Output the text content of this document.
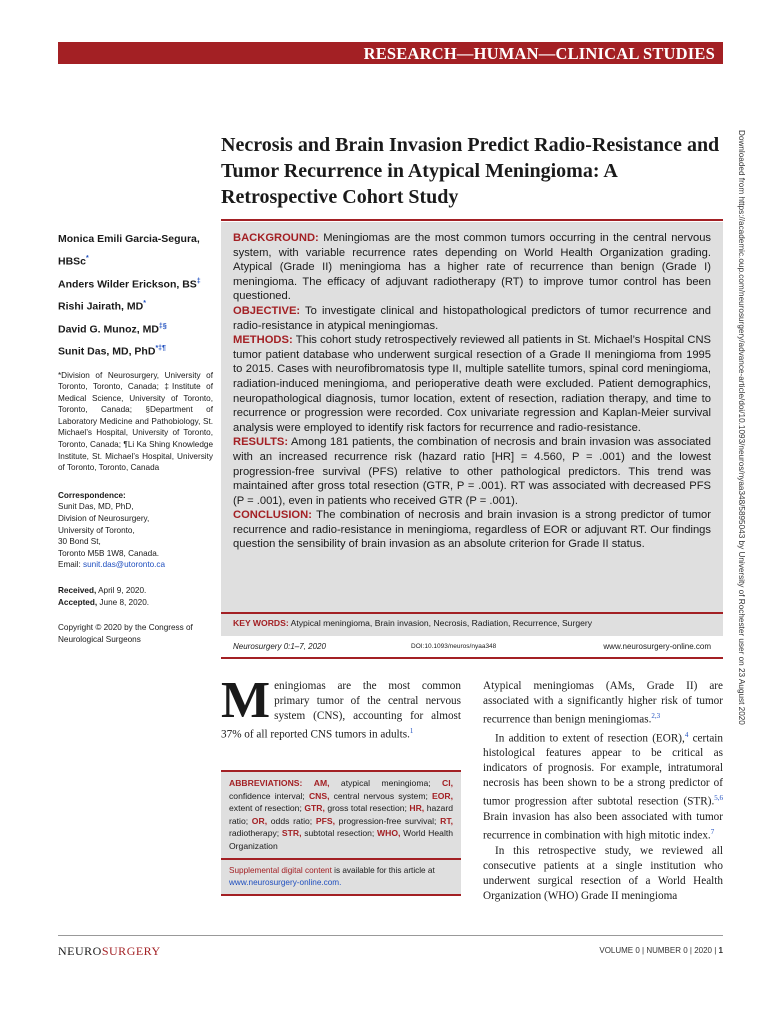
RESEARCH—HUMAN—CLINICAL STUDIES
Necrosis and Brain Invasion Predict Radio-Resistance and Tumor Recurrence in Atypical Meningioma: A Retrospective Cohort Study
Monica Emili Garcia-Segura, HBSc*
Anders Wilder Erickson, BS‡
Rishi Jairath, MD*
David G. Munoz, MD‡§
Sunit Das, MD, PhD*‡¶

*Division of Neurosurgery, University of Toronto, Toronto, Canada; ‡Institute of Medical Science, University of Toronto, Toronto, Canada; §Department of Laboratory Medicine and Pathobiology, St. Michael’s Hospital, University of Toronto, Toronto, Canada; ¶Li Ka Shing Knowledge Institute, St. Michael’s Hospital, University of Toronto, Toronto, Canada

Correspondence:
Sunit Das, MD, PhD,
Division of Neurosurgery,
University of Toronto,
30 Bond St,
Toronto M5B 1W8, Canada.
Email: sunit.das@utoronto.ca
Received, April 9, 2020.
Accepted, June 8, 2020.

Copyright © 2020 by the Congress of Neurological Surgeons

BACKGROUND: Meningiomas are the most common tumors occurring in the central nervous system, with variable recurrence rates depending on World Health Organization grading. Atypical (Grade II) meningioma has a higher rate of recurrence than benign (Grade I) meningioma. The efficacy of adjuvant radiotherapy (RT) to improve tumor control has been questioned.

OBJECTIVE: To investigate clinical and histopathological predictors of tumor recurrence and radio-resistance in atypical meningiomas.

METHODS: This cohort study retrospectively reviewed all patients in St. Michael’s Hospital CNS tumor patient database who underwent surgical resection of a Grade II meningioma from 1995 to 2015. Cases with neurofibromatosis type II, multiple satellite tumors, spinal cord meningioma, radiation-induced meningioma, and perioperative death were excluded. Patient demographics, neuropathological diagnosis, tumor location, extent of resection, radiation therapy, and time to recurrence or progression were recorded. Cox univariate regression and Kaplan-Meier survival analysis were employed to identify risk factors for recurrence and radio-resistance.

RESULTS: Among 181 patients, the combination of necrosis and brain invasion was associated with an increased recurrence risk (hazard ratio [HR] = 4.560, P = .001) and the lowest progression-free survival (PFS) relative to other pathological predictors. This trend was maintained after gross total resection (GTR, P = .001). RT was associated with decreased PFS (P = .001), even in patients who received GTR (P = .001).

CONCLUSION: The combination of necrosis and brain invasion is a strong predictor of tumor recurrence and radio-resistance in meningioma, regardless of EOR or adjuvant RT. Our findings question the sensibility of brain invasion as an absolute criterion for Grade II status.

KEY WORDS: Atypical meningioma, Brain invasion, Necrosis, Radiation, Recurrence, Surgery
Neurosurgery 0:1–7, 2020	DOI:10.1093/neuros/nyaa348	www.neurosurgery-online.com

Meningiomas are the most common primary tumor of the central nervous system (CNS), accounting for almost 37% of all reported CNS tumors in adults.$^1$

ABBREVIATIONS: AM, atypical meningioma; CI, confidence interval; CNS, central nervous system; EOR, extent of resection; GTR, gross total resection; HR, hazard ratio; OR, odds ratio; PFS, progression-free survival; RT, radiotherapy; STR, subtotal resection; WHO, World Health Organization

Supplemental digital content is available for this article at www.neurosurgery-online.com.

Atypical meningiomas (AMs, Grade II) are associated with a significantly higher risk of tumor recurrence than benign meningiomas.$^{2,3}$

In addition to extent of resection (EOR),$^4$ certain histological features appear to be critical as indicators of prognosis. For example, intratumoral necrosis has been shown to be a strong predictor of tumor progression after subtotal resection (STR).$^{5,6}$ Brain invasion has also been associated with tumor recurrence in combination with high mitotic index.$^7$

In this retrospective study, we reviewed all consecutive patients at a single institution who underwent surgical resection of a World Health Organization (WHO) Grade II meningioma

Downloaded from https://academic.oup.com/neurosurgery/advance-article/doi/10.1093/neuros/nyaa348/5895043 by University of Rochester user on 23 August 2020
NEUROSURGERY	VOLUME 0 | NUMBER 0 | 2020 | 1
